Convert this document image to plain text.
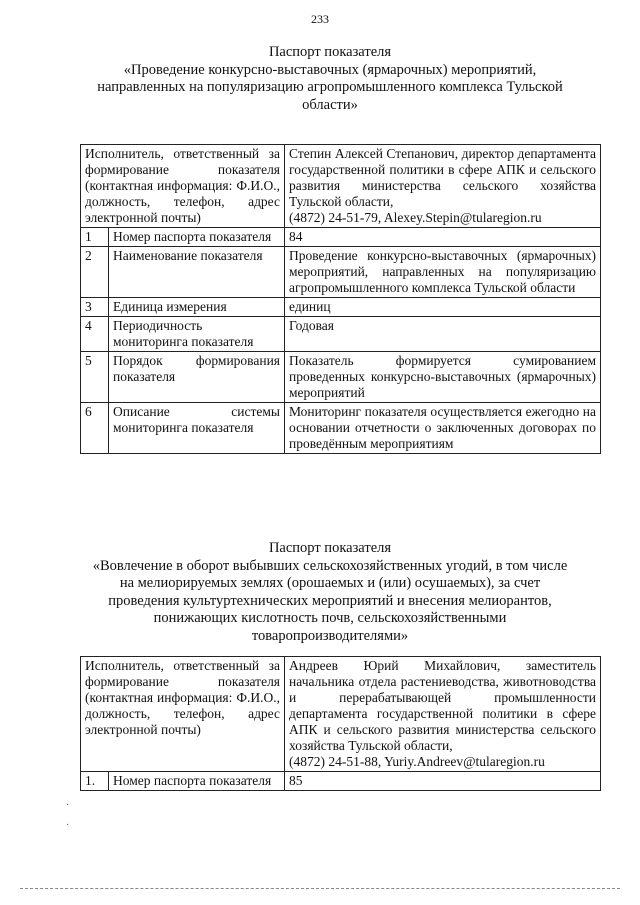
233
Паспорт показателя
«Проведение конкурсно-выставочных (ярмарочных) мероприятий,
направленных на популяризацию агропромышленного комплекса Тульской
области»
Исполнитель, ответственный за формирование показателя (контактная информация: Ф.И.О., должность, телефон, адрес электронной почты)		Степин Алексей Степанович, директор департамента государственной политики в сфере АПК и сельского развития министерства сельского хозяйства Тульской области,
(4872) 24-51-79, Alexey.Stepin@tularegion.ru

1	Номер паспорта показателя	84
2	Наименование показателя	Проведение конкурсно-выставочных (ярмарочных) мероприятий, направленных на популяризацию агропромышленного комплекса Тульской области
3	Единица измерения	единиц
4	Периодичность мониторинга показателя	Годовая
5	Порядок формирования показателя	Показатель формируется сумированием проведенных конкурсно-выставочных (ярмарочных) мероприятий
6	Описание системы мониторинга показателя	Мониторинг показателя осуществляется ежегодно на основании отчетности о заключенных договорах по проведённым мероприятиям
Паспорт показателя
«Вовлечение в оборот выбывших сельскохозяйственных угодий, в том числе
на мелиорируемых землях (орошаемых и (или) осушаемых), за счет
проведения культуртехнических мероприятий и внесения мелиорантов,
понижающих кислотность почв, сельскохозяйственными
товаропроизводителями»
Исполнитель, ответственный за формирование показателя (контактная информация: Ф.И.О., должность, телефон, адрес электронной почты)		Андреев Юрий Михайлович, заместитель начальника отдела растениеводства, животноводства и перерабатывающей промышленности департамента государственной политики в сфере АПК и сельского развития министерства сельского хозяйства Тульской области,
(4872) 24-51-88, Yuriy.Andreev@tularegion.ru

1.	Номер паспорта показателя	85
·
·
